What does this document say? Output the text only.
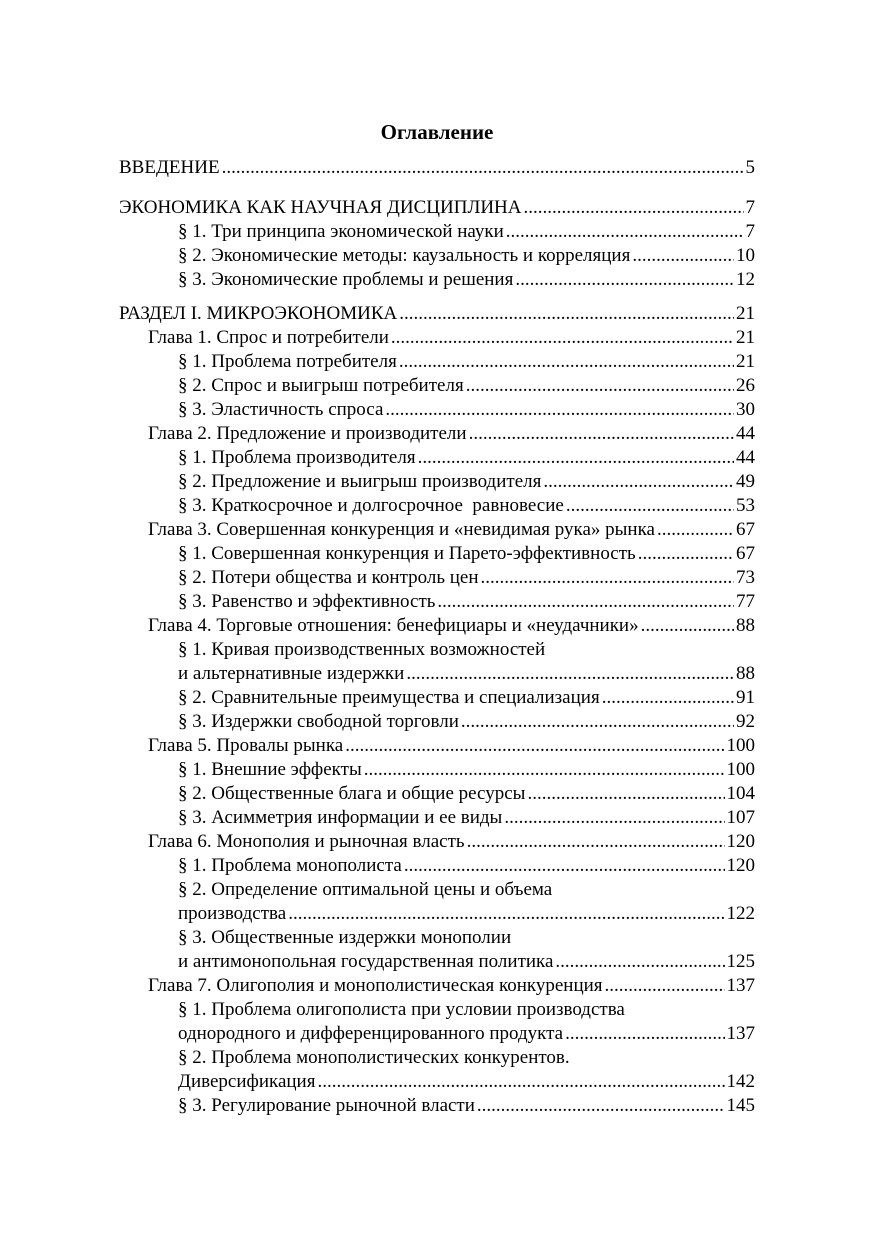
Оглавление
ВВЕДЕНИЕ .....	5
ЭКОНОМИКА КАК НАУЧНАЯ ДИСЦИПЛИНА .....	7
§ 1. Три принципа экономической науки .....	7
§ 2. Экономические методы: каузальность и корреляция .....	10
§ 3. Экономические проблемы и решения .....	12
РАЗДЕЛ I. МИКРОЭКОНОМИКА .....	21
Глава 1. Спрос и потребители .....	21
§ 1. Проблема потребителя .....	21
§ 2. Спрос и выигрыш потребителя .....	26
§ 3. Эластичность спроса .....	30
Глава 2. Предложение и производители .....	44
§ 1. Проблема производителя .....	44
§ 2. Предложение и выигрыш производителя .....	49
§ 3. Краткосрочное и долгосрочное  равновесие .....	53
Глава 3. Совершенная конкуренция и «невидимая рука» рынка .....	67
§ 1. Совершенная конкуренция и Парето-эффективность .....	67
§ 2. Потери общества и контроль цен .....	73
§ 3. Равенство и эффективность .....	77
Глава 4. Торговые отношения: бенефициары и «неудачники» .....	88
§ 1. Кривая производственных возможностей
и альтернативные издержки .....	88
§ 2. Сравнительные преимущества и специализация .....	91
§ 3. Издержки свободной торговли .....	92
Глава 5. Провалы рынка .....	100
§ 1. Внешние эффекты .....	100
§ 2. Общественные блага и общие ресурсы .....	104
§ 3. Асимметрия информации и ее виды .....	107
Глава 6. Монополия и рыночная власть .....	120
§ 1. Проблема монополиста .....	120
§ 2. Определение оптимальной цены и объема
производства .....	122
§ 3. Общественные издержки монополии
и антимонопольная государственная политика .....	125
Глава 7. Олигополия и монополистическая конкуренция .....	137
§ 1. Проблема олигополиста при условии производства
однородного и дифференцированного продукта .....	137
§ 2. Проблема монополистических конкурентов.
Диверсификация .....	142
§ 3. Регулирование рыночной власти .....	145
